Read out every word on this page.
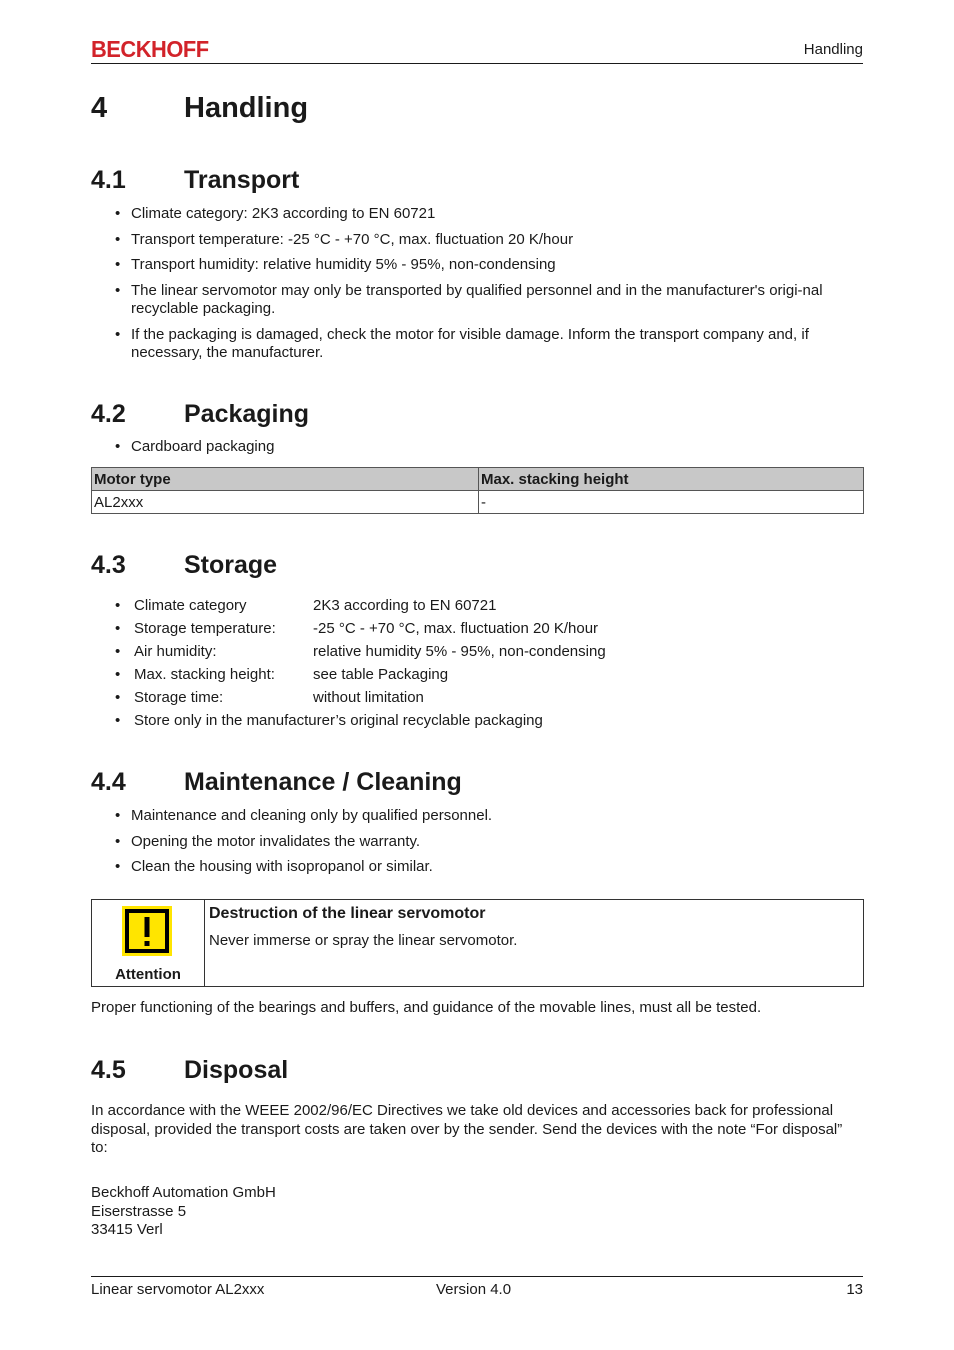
BECKHOFF	Handling
4	Handling
4.1 Transport
• Climate category: 2K3 according to EN 60721
• Transport temperature: -25 °C - +70 °C, max. fluctuation 20 K/hour
• Transport humidity: relative humidity 5% - 95%, non-condensing
• The linear servomotor may only be transported by qualified personnel and in the manufacturer's origi-nal recyclable packaging.
• If the packaging is damaged, check the motor for visible damage. Inform the transport company and, if necessary, the manufacturer.
4.2 Packaging
• Cardboard packaging
Motor type	Max. stacking height
AL2xxx	-
4.3 Storage
• Climate category	2K3 according to EN 60721
• Storage temperature:	-25 °C - +70 °C, max. fluctuation 20 K/hour
• Air humidity:	relative humidity 5% - 95%, non-condensing
• Max. stacking height:	see table Packaging
• Storage time:	without limitation
• Store only in the manufacturer’s original recyclable packaging
4.4 Maintenance / Cleaning
• Maintenance and cleaning only by qualified personnel.
• Opening the motor invalidates the warranty.
• Clean the housing with isopropanol or similar.
Attention
Destruction of the linear servomotor
Never immerse or spray the linear servomotor.
Proper functioning of the bearings and buffers, and guidance of the movable lines, must all be tested.
4.5 Disposal
In accordance with the WEEE 2002/96/EC Directives we take old devices and accessories back for professional disposal, provided the transport costs are taken over by the sender. Send the devices with the note “For disposal” to:
Beckhoff Automation GmbH
Eiserstrasse 5
33415 Verl
Linear servomotor AL2xxx	Version 4.0	13
